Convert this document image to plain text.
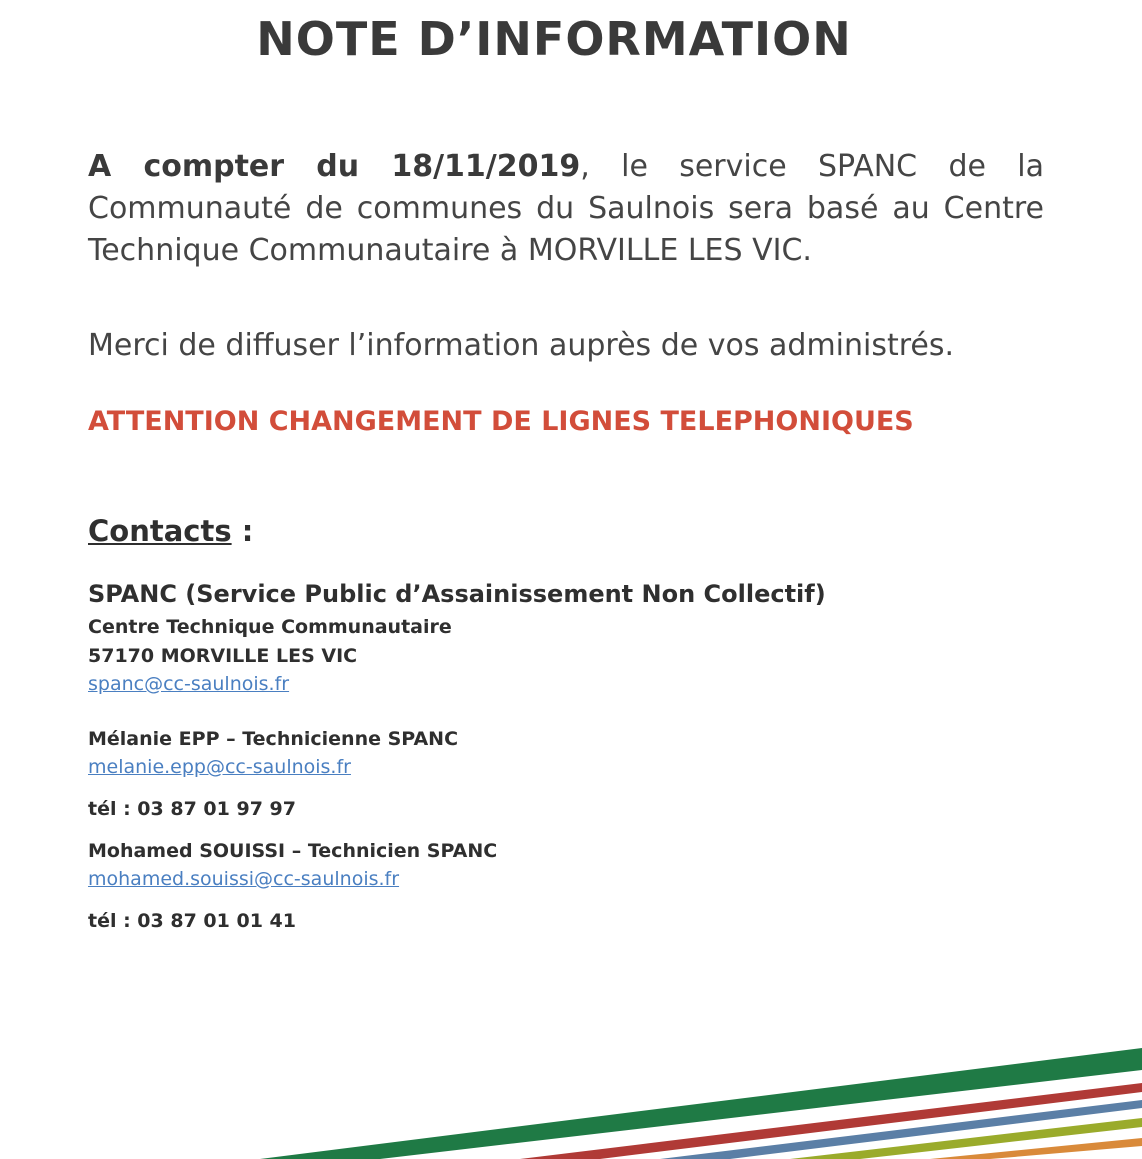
NOTE D’INFORMATION

A compter du 18/11/2019, le service SPANC de la Communauté de communes du Saulnois sera basé au Centre Technique Communautaire à MORVILLE LES VIC.

Merci de diffuser l’information auprès de vos administrés.

ATTENTION CHANGEMENT DE LIGNES TELEPHONIQUES

Contacts :

SPANC (Service Public d’Assainissement Non Collectif)

Centre Technique Communautaire

57170 MORVILLE LES VIC

spanc@cc-saulnois.fr

Mélanie EPP – Technicienne SPANC

melanie.epp@cc-saulnois.fr

tél : 03 87 01 97 97

Mohamed SOUISSI – Technicien SPANC

mohamed.souissi@cc-saulnois.fr

tél : 03 87 01 01 41
